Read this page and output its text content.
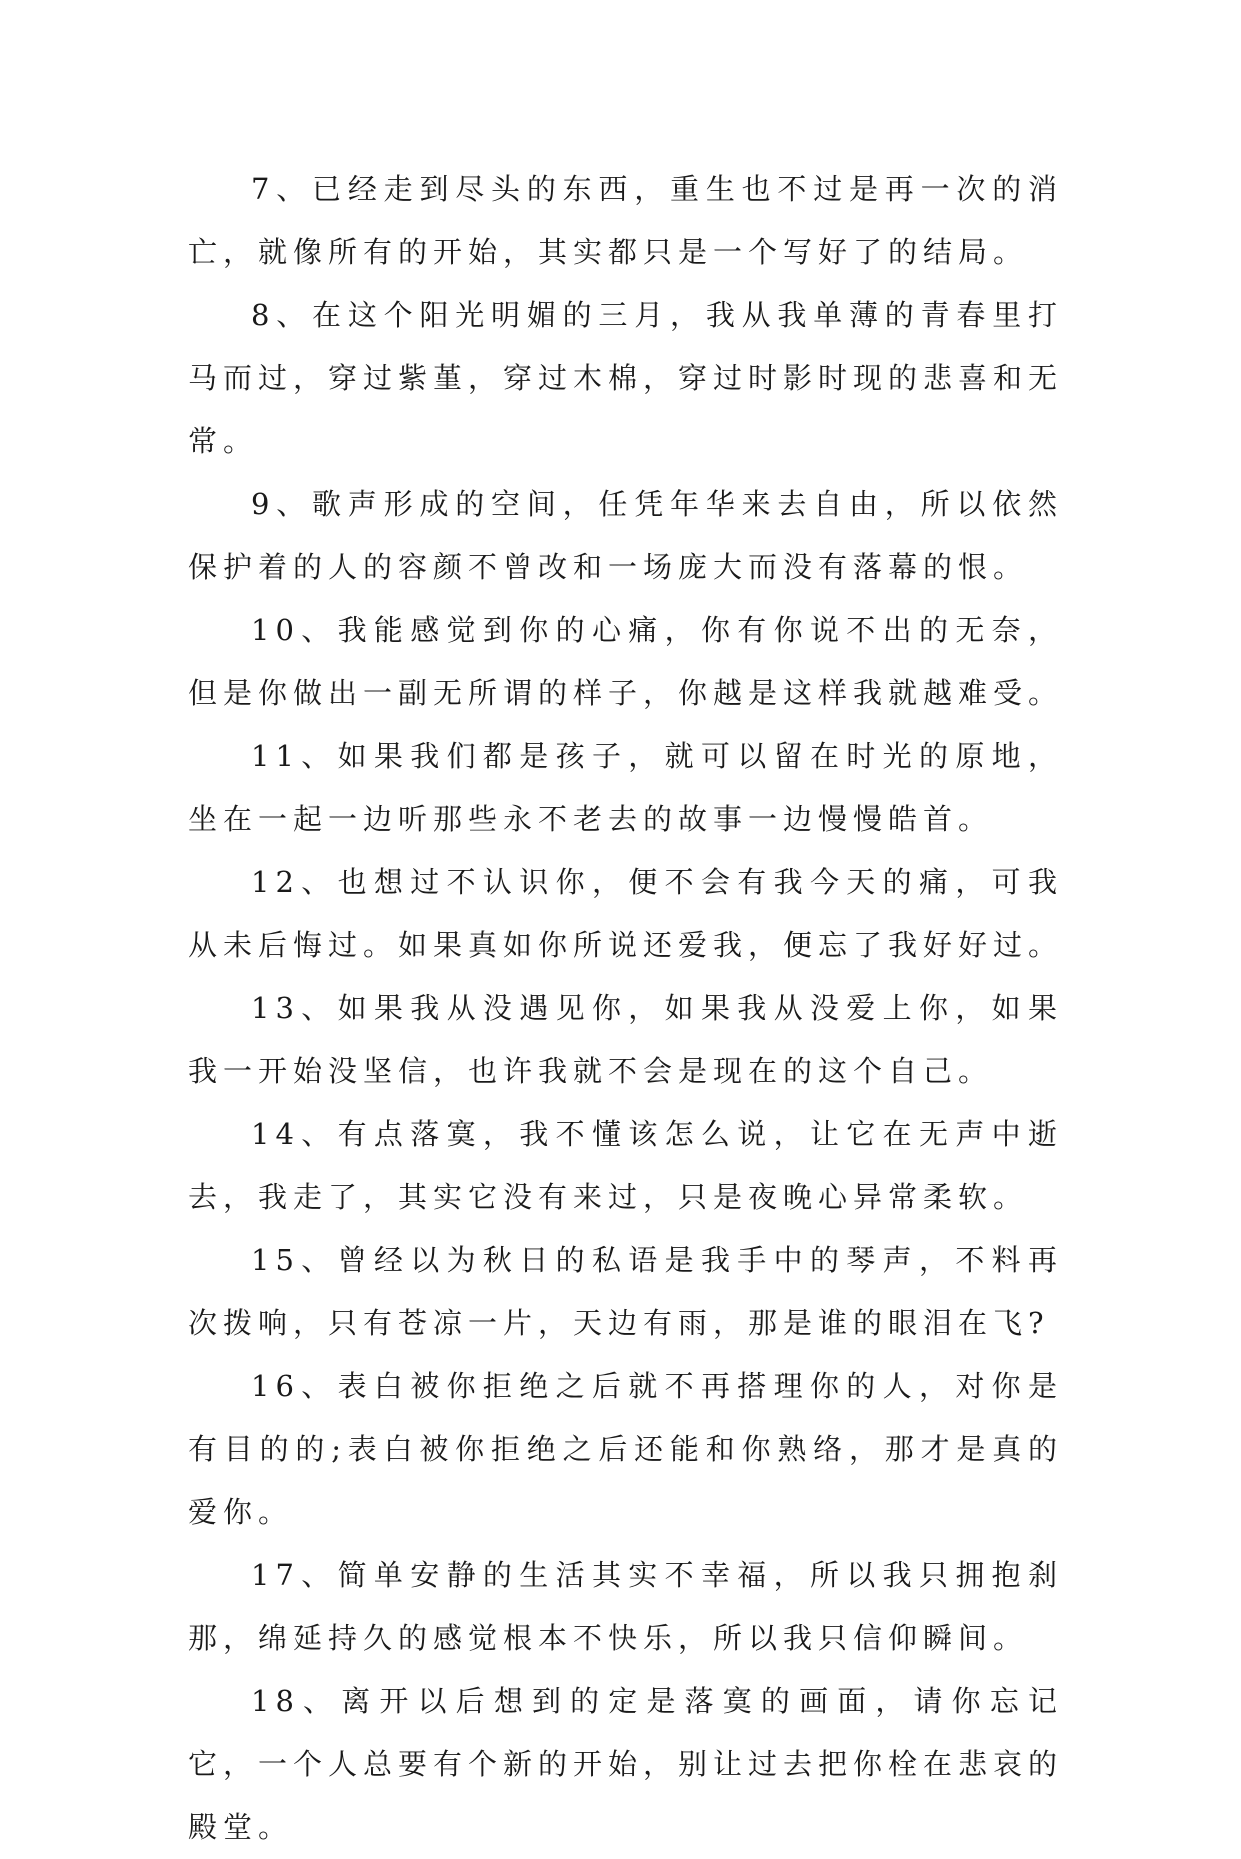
7、已经走到尽头的东西，重生也不过是再一次的消亡，就像所有的开始，其实都只是一个写好了的结局。

8、在这个阳光明媚的三月，我从我单薄的青春里打马而过，穿过紫堇，穿过木棉，穿过时影时现的悲喜和无常。

9、歌声形成的空间，任凭年华来去自由，所以依然保护着的人的容颜不曾改和一场庞大而没有落幕的恨。

10、我能感觉到你的心痛，你有你说不出的无奈，但是你做出一副无所谓的样子，你越是这样我就越难受。

11、如果我们都是孩子，就可以留在时光的原地，坐在一起一边听那些永不老去的故事一边慢慢皓首。

12、也想过不认识你，便不会有我今天的痛，可我从未后悔过。如果真如你所说还爱我，便忘了我好好过。

13、如果我从没遇见你，如果我从没爱上你，如果我一开始没坚信，也许我就不会是现在的这个自己。

14、有点落寞，我不懂该怎么说，让它在无声中逝去，我走了，其实它没有来过，只是夜晚心异常柔软。

15、曾经以为秋日的私语是我手中的琴声，不料再次拨响，只有苍凉一片，天边有雨，那是谁的眼泪在飞?

16、表白被你拒绝之后就不再搭理你的人，对你是有目的的;表白被你拒绝之后还能和你熟络，那才是真的爱你。

17、简单安静的生活其实不幸福，所以我只拥抱刹那，绵延持久的感觉根本不快乐，所以我只信仰瞬间。

18、离开以后想到的定是落寞的画面，请你忘记它，一个人总要有个新的开始，别让过去把你栓在悲哀的殿堂。
